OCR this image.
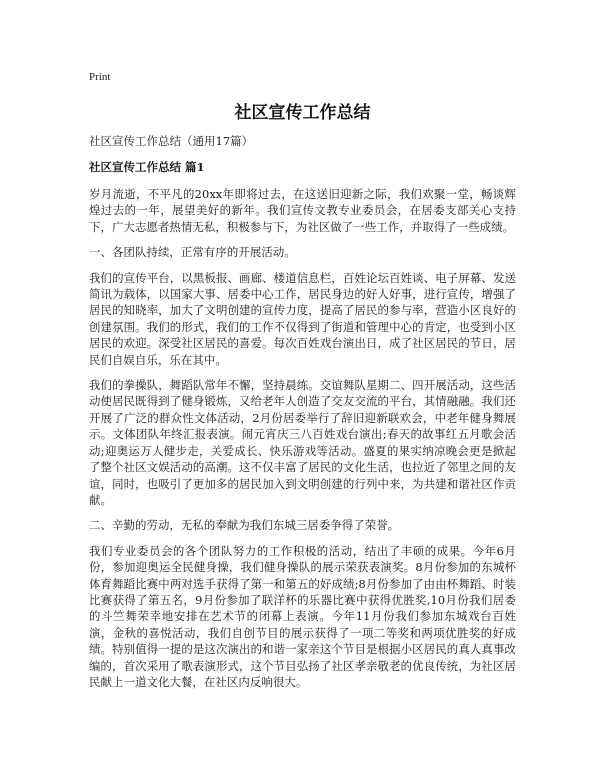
Print

社区宣传工作总结

社区宣传工作总结（通用17篇）

社区宣传工作总结 篇1

岁月流逝，不平凡的20xx年即将过去，在这送旧迎新之际，我们欢聚一堂，畅谈辉煌过去的一年，展望美好的新年。我们宣传文教专业委员会，在居委支部关心支持下，广大志愿者热情无私，积极参与下，为社区做了一些工作，并取得了一些成绩。

一、各团队持续，正常有序的开展活动。

我们的宣传平台，以黑板报、画廊、楼道信息栏，百姓论坛百姓谈、电子屏幕、发送简讯为载体，以国家大事、居委中心工作，居民身边的好人好事，进行宣传，增强了居民的知晓率，加大了文明创建的宣传力度，提高了居民的参与率，营造小区良好的创建氛围。我们的形式，我们的工作不仅得到了街道和管理中心的肯定，也受到小区居民的欢迎。深受社区居民的喜爱。每次百姓戏台演出日，成了社区居民的节日，居民们自娱自乐，乐在其中。

我们的拳操队，舞蹈队常年不懈，坚持晨练。交谊舞队星期二、四开展活动，这些活动使居民既得到了健身锻炼，又给老年人创造了交友交流的平台，其情融融。我们还开展了广泛的群众性文体活动，2月份居委举行了辞旧迎新联欢会，中老年健身舞展示。文体团队年终汇报表演。闹元宵庆三八百姓戏台演出;春天的故事红五月歌会活动;迎奥运万人健步走，关爱成长、快乐游戏等活动。盛夏的果实纳凉晚会更是掀起了整个社区文娱活动的高潮。这不仅丰富了居民的文化生活，也拉近了邻里之间的友谊，同时，也吸引了更加多的居民加入到文明创建的行列中来，为共建和谐社区作贡献。

二、辛勤的劳动，无私的奉献为我们东城三居委争得了荣誉。

我们专业委员会的各个团队努力的工作积极的活动，结出了丰硕的成果。今年6月份，参加迎奥运全民健身操，我们健身操队的展示荣获表演奖。8月份参加的东城杯体育舞蹈比赛中两对选手获得了第一和第五的好成绩;8月份参加了由由杯舞蹈、时装比赛获得了第五名，9月份参加了联洋杯的乐器比赛中获得优胜奖,10月份我们居委的斗竺舞荣幸地安排在艺术节的闭幕上表演。今年11月份我们参加东城戏台百姓演，金秋的喜悦活动，我们自创节目的展示获得了一项二等奖和两项优胜奖的好成绩。特别值得一提的是这次演出的和谐一家亲这个节目是根据小区居民的真人真事改编的，首次采用了歌表演形式，这个节目弘扬了社区孝亲敬老的优良传统，为社区居民献上一道文化大餐，在社区内反响很大。
